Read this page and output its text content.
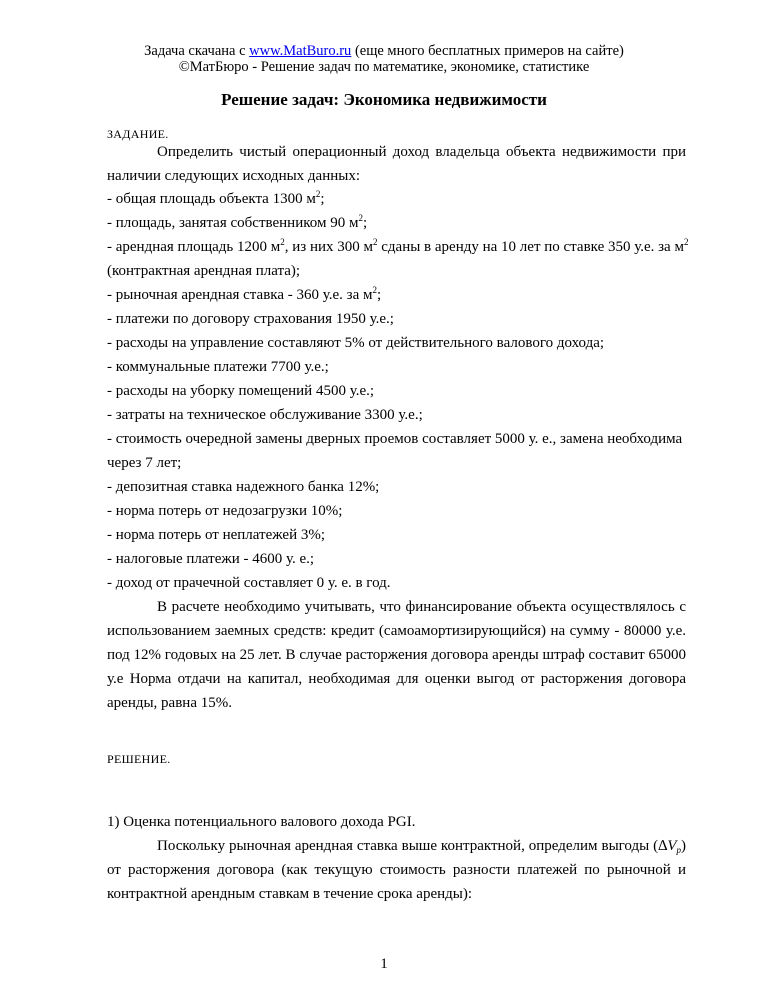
Задача скачана с www.MatBuro.ru (еще много бесплатных примеров на сайте)
©МатБюро - Решение задач по математике, экономике, статистике
Решение задач: Экономика недвижимости
ЗАДАНИЕ.
Определить чистый операционный доход владельца объекта недвижимости при
наличии следующих исходных данных:
- общая площадь объекта 1300 $м^2$;
- площадь, занятая собственником 90 $м^2$;
- арендная площадь 1200 $м^2$, из них 300 $м^2$ сданы в аренду на 10 лет по ставке 350 у.е. за $м^2$
(контрактная арендная плата);
- рыночная арендная ставка - 360 у.е. за $м^2$;
- платежи по договору страхования 1950 у.е.;
- расходы на управление составляют 5% от действительного валового дохода;
- коммунальные платежи 7700 у.е.;
- расходы на уборку помещений 4500 у.е.;
- затраты на техническое обслуживание 3300 у.е.;
- стоимость очередной замены дверных проемов составляет 5000 у. е., замена необходима
через 7 лет;
- депозитная ставка надежного банка 12%;
- норма потерь от недозагрузки 10%;
- норма потерь от неплатежей 3%;
- налоговые платежи - 4600 у. е.;
- доход от прачечной составляет 0 у. е. в год.
В расчете необходимо учитывать, что финансирование объекта осуществлялось с
использованием заемных средств: кредит (самоамортизирующийся) на сумму - 80000 у.е.
под 12% годовых на 25 лет. В случае расторжения договора аренды штраф составит 65000
у.е Норма отдачи на капитал, необходимая для оценки выгод от расторжения договора
аренды, равна 15%.
РЕШЕНИЕ.
1) Оценка потенциального валового дохода PGI.
Поскольку рыночная арендная ставка выше контрактной, определим выгоды $(\Delta V_p)$
от расторжения договора (как текущую стоимость разности платежей по рыночной и
контрактной арендным ставкам в течение срока аренды):
1
